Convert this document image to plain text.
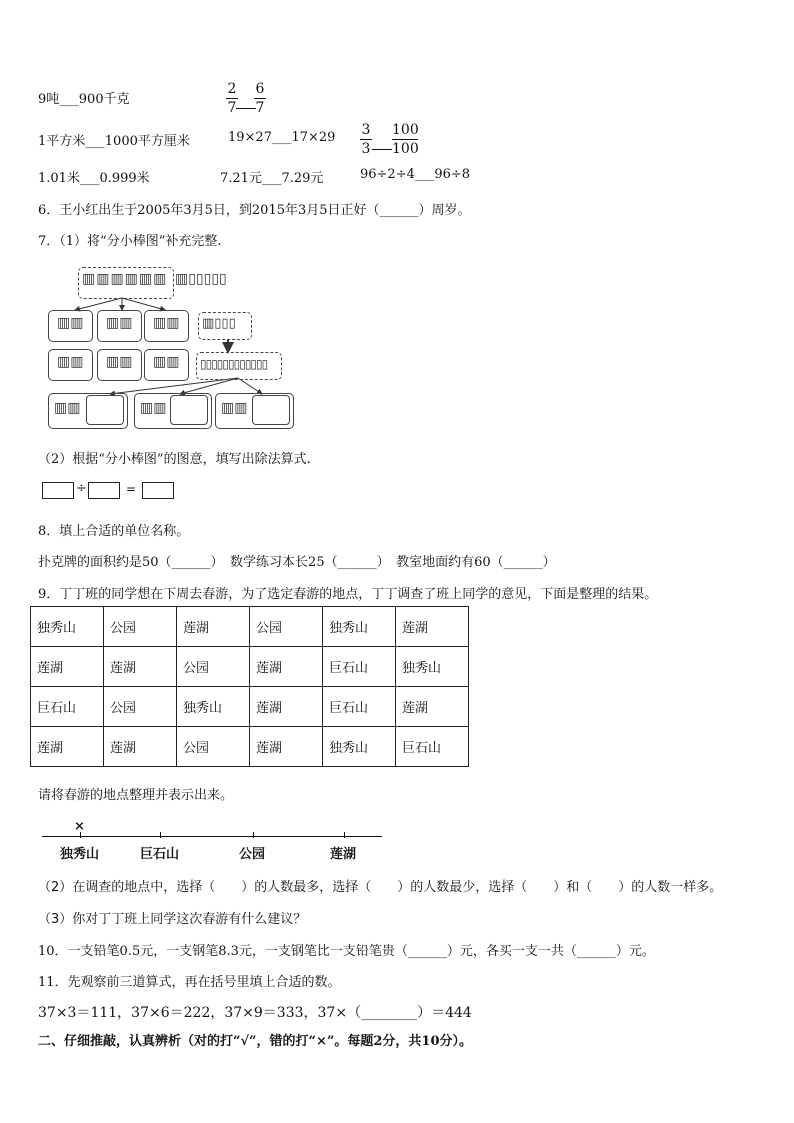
9吨___900千克	$\frac{2}{7} \frac{6}{7}$
1平方米___1000平方厘米	19×27___17×29 $\frac{3}{3} \frac{100}{100}$
1.01米___0.999米	7.21元___7.29元	96÷2÷4___96÷8
6．王小红出生于2005年3月5日，到2015年3月5日正好（______）周岁。
7．（1）将“分小棒图”补充完整.
▥▥▥▥▥▥ ▥▯▯▯▯▯
▥▥ ▥▥ ▥▥ ▥▯▯▯
▥▥ ▥▥ ▥▥ ▯▯▯▯▯▯▯▯▯▯▯▯
▥▥	▥▥	▥▥
（2）根据“分小棒图”的图意，填写出除法算式.
÷	=
8．填上合适的单位名称。
扑克牌的面积约是50（______）　数学练习本长25（______）　教室地面约有60（______）
9．丁丁班的同学想在下周去春游，为了选定春游的地点，丁丁调查了班上同学的意见，下面是整理的结果。
独秀山	公园	莲湖	公园	独秀山	莲湖
莲湖	莲湖	公园	莲湖	巨石山	独秀山
巨石山	公园	独秀山	莲湖	巨石山	莲湖
莲湖	莲湖	公园	莲湖	独秀山	巨石山
请将春游的地点整理并表示出来。
×
独秀山	巨石山	公园	莲湖
（2）在调查的地点中，选择（　　）的人数最多，选择（　　）的人数最少，选择（　　）和（　　）的人数一样多。
（3）你对丁丁班上同学这次春游有什么建议？
10．一支铅笔0.5元，一支钢笔8.3元，一支钢笔比一支铅笔贵（______）元，各买一支一共（______）元。
11．先观察前三道算式，再在括号里填上合适的数。
37×3＝111，37×6＝222，37×9＝333，37×（________）＝444
二、仔细推敲，认真辨析（对的打“√”，错的打“×”。每题2分，共10分）。
